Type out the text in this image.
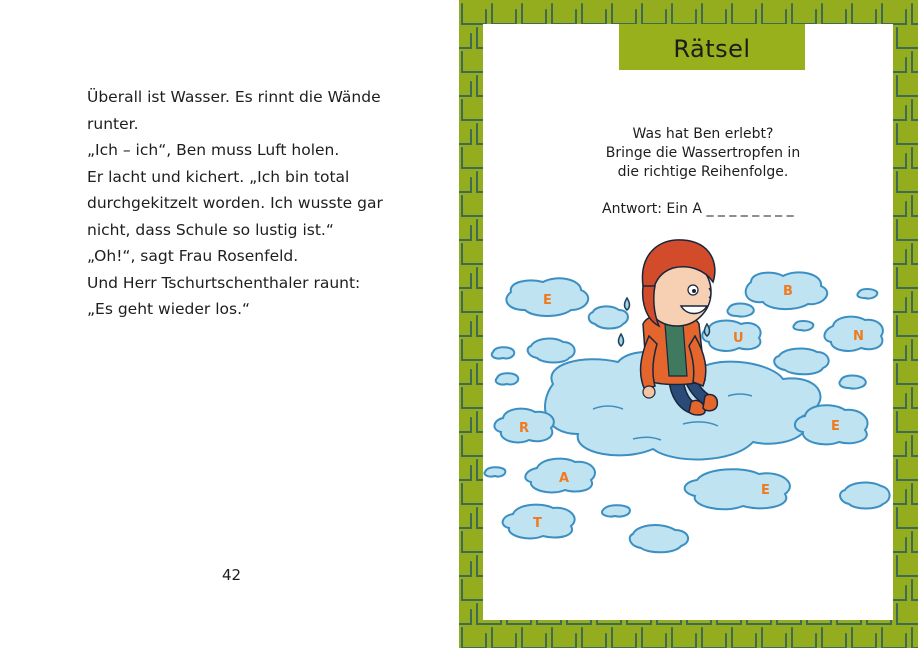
Überall ist Wasser. Es rinnt die Wände

runter.

„Ich – ich“, Ben muss Luft holen.

Er lacht und kichert. „Ich bin total

durchgekitzelt worden. Ich wusste gar

nicht, dass Schule so lustig ist.“

„Oh!“, sagt Frau Rosenfeld.

Und Herr Tschurtschenthaler raunt:

„Es geht wieder los.“

42
Rätsel
Was hat Ben erlebt?
Bringe die Wassertropfen in
die richtige Reihenfolge.
Antwort: Ein A _ _ _ _ _ _ _ _
E
B
U	N
R	E
A
E
T
